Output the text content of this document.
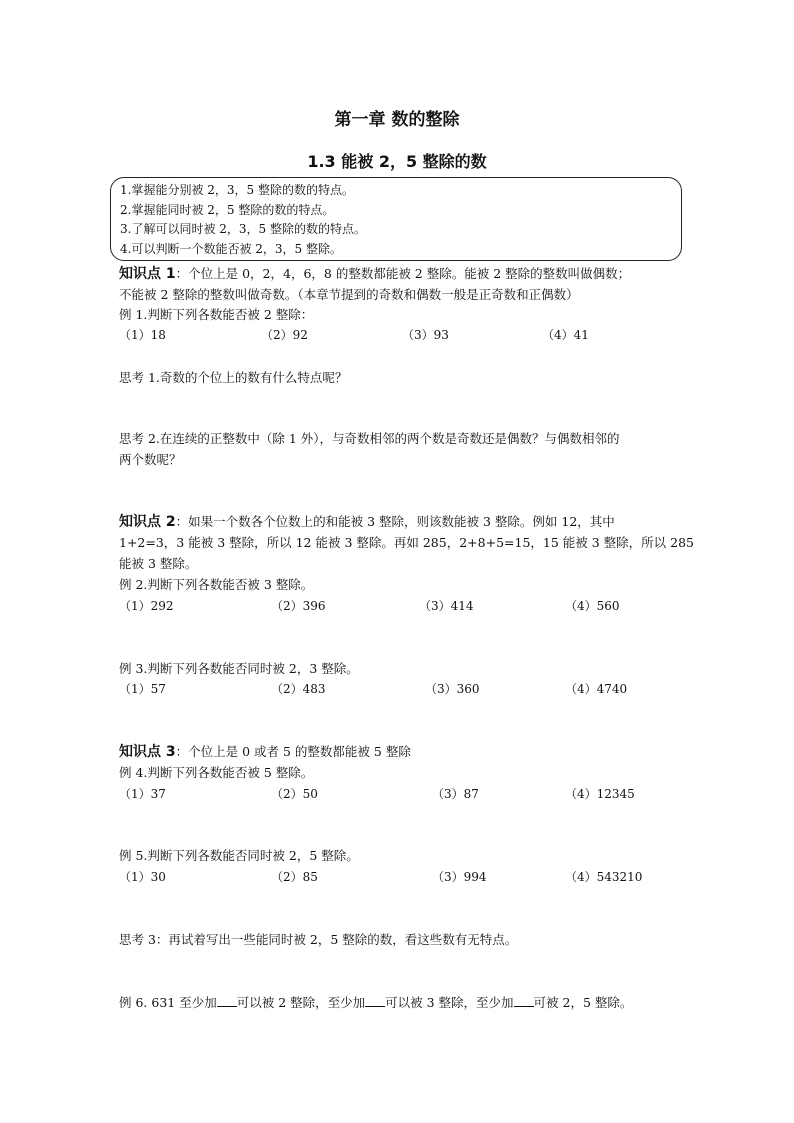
第一章 数的整除
1.3 能被 2，5 整除的数
1.掌握能分别被 2，3，5 整除的数的特点。
2.掌握能同时被 2，5 整除的数的特点。
3.了解可以同时被 2，3，5 整除的数的特点。
4.可以判断一个数能否被 2，3，5 整除。
知识点 1：个位上是 0，2，4，6，8 的整数都能被 2 整除。能被 2 整除的整数叫做偶数；
不能被 2 整除的整数叫做奇数。（本章节提到的奇数和偶数一般是正奇数和正偶数）
例 1.判断下列各数能否被 2 整除：
（1）18	（2）92	（3）93	（4）41
思考 1.奇数的个位上的数有什么特点呢？
思考 2.在连续的正整数中（除 1 外），与奇数相邻的两个数是奇数还是偶数？与偶数相邻的
两个数呢？
知识点 2：如果一个数各个位数上的和能被 3 整除，则该数能被 3 整除。例如 12，其中
1+2=3，3 能被 3 整除，所以 12 能被 3 整除。再如 285，2+8+5=15，15 能被 3 整除，所以 285
能被 3 整除。
例 2.判断下列各数能否被 3 整除。
（1）292	（2）396	（3）414	（4）560
例 3.判断下列各数能否同时被 2，3 整除。
（1）57	（2）483	（3）360	（4）4740
知识点 3：个位上是 0 或者 5 的整数都能被 5 整除
例 4.判断下列各数能否被 5 整除。
（1）37	（2）50	（3）87	（4）12345
例 5.判断下列各数能否同时被 2，5 整除。
（1）30	（2）85	（3）994	（4）543210
思考 3：再试着写出一些能同时被 2，5 整除的数，看这些数有无特点。
例 6. 631 至少加 可以被 2 整除，至少加 可以被 3 整除，至少加 可被 2，5 整除。
